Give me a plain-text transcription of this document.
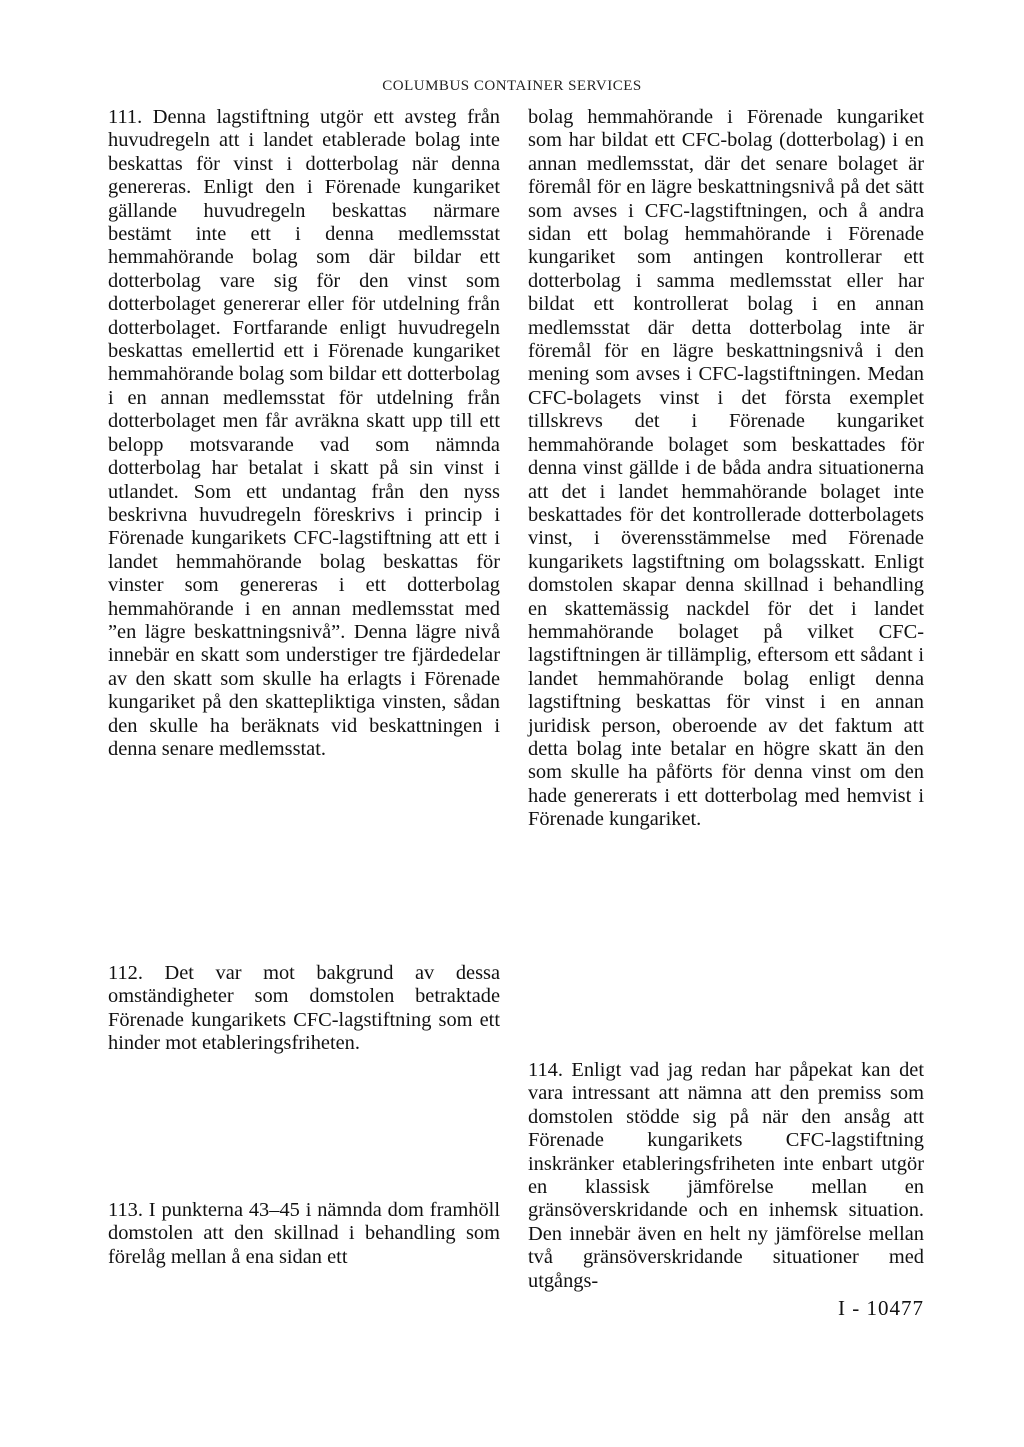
COLUMBUS CONTAINER SERVICES

111. Denna lagstiftning utgör ett avsteg från huvudregeln att i landet etablerade bolag inte beskattas för vinst i dotterbolag när denna genereras. Enligt den i Förenade kungariket gällande huvudregeln beskattas närmare bestämt inte ett i denna medlemsstat hemmahörande bolag som där bildar ett dotterbolag vare sig för den vinst som dotterbolaget genererar eller för utdelning från dotterbolaget. Fortfarande enligt huvudregeln beskattas emellertid ett i Förenade kungariket hemmahörande bolag som bildar ett dotterbolag i en annan medlemsstat för utdelning från dotterbolaget men får avräkna skatt upp till ett belopp motsvarande vad som nämnda dotterbolag har betalat i skatt på sin vinst i utlandet. Som ett undantag från den nyss beskrivna huvudregeln föreskrivs i princip i Förenade kungarikets CFC-lagstiftning att ett i landet hemmahörande bolag beskattas för vinster som genereras i ett dotterbolag hemmahörande i en annan medlemsstat med ”en lägre beskattningsnivå”. Denna lägre nivå innebär en skatt som understiger tre fjärdedelar av den skatt som skulle ha erlagts i Förenade kungariket på den skattepliktiga vinsten, sådan den skulle ha beräknats vid beskattningen i denna senare medlemsstat.

112. Det var mot bakgrund av dessa omständigheter som domstolen betraktade Förenade kungarikets CFC-lagstiftning som ett hinder mot etableringsfriheten.

113. I punkterna 43–45 i nämnda dom framhöll domstolen att den skillnad i behandling som förelåg mellan å ena sidan ett

bolag hemmahörande i Förenade kungariket som har bildat ett CFC-bolag (dotterbolag) i en annan medlemsstat, där det senare bolaget är föremål för en lägre beskattningsnivå på det sätt som avses i CFC-lagstiftningen, och å andra sidan ett bolag hemmahörande i Förenade kungariket som antingen kontrollerar ett dotterbolag i samma medlemsstat eller har bildat ett kontrollerat bolag i en annan medlemsstat där detta dotterbolag inte är föremål för en lägre beskattningsnivå i den mening som avses i CFC-lagstiftningen. Medan CFC-bolagets vinst i det första exemplet tillskrevs det i Förenade kungariket hemmahörande bolaget som beskattades för denna vinst gällde i de båda andra situationerna att det i landet hemmahörande bolaget inte beskattades för det kontrollerade dotterbolagets vinst, i överensstämmelse med Förenade kungarikets lagstiftning om bolagsskatt. Enligt domstolen skapar denna skillnad i behandling en skattemässig nackdel för det i landet hemmahörande bolaget på vilket CFC-lagstiftningen är tillämplig, eftersom ett sådant i landet hemmahörande bolag enligt denna lagstiftning beskattas för vinst i en annan juridisk person, oberoende av det faktum att detta bolag inte betalar en högre skatt än den som skulle ha påförts för denna vinst om den hade genererats i ett dotterbolag med hemvist i Förenade kungariket.

114. Enligt vad jag redan har påpekat kan det vara intressant att nämna att den premiss som domstolen stödde sig på när den ansåg att Förenade kungarikets CFC-lagstiftning inskränker etableringsfriheten inte enbart utgör en klassisk jämförelse mellan en gränsöverskridande och en inhemsk situation. Den innebär även en helt ny jämförelse mellan två gränsöverskridande situationer med utgångs-

I - 10477
